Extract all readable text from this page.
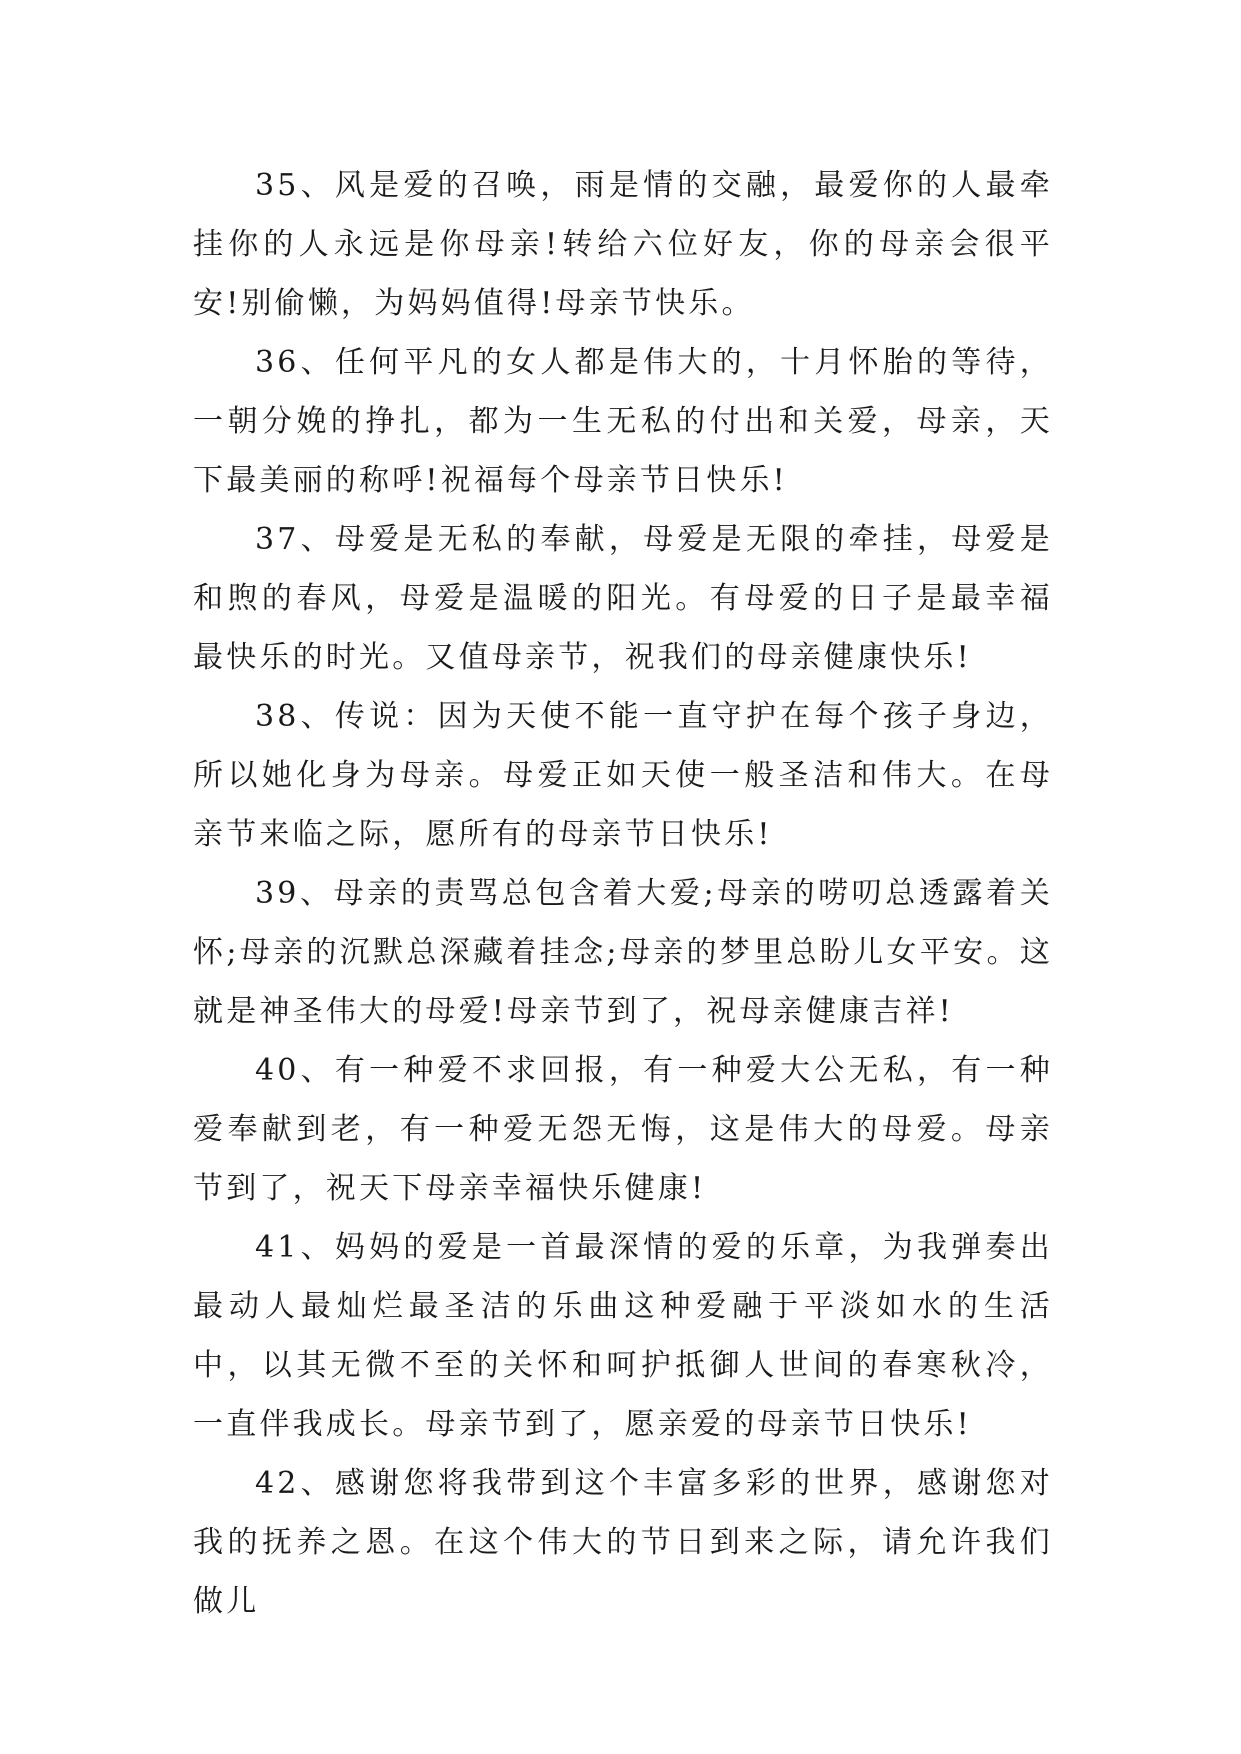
35、风是爱的召唤，雨是情的交融，最爱你的人最牵挂你的人永远是你母亲!转给六位好友，你的母亲会很平安!别偷懒，为妈妈值得!母亲节快乐。

36、任何平凡的女人都是伟大的，十月怀胎的等待，一朝分娩的挣扎，都为一生无私的付出和关爱，母亲，天下最美丽的称呼!祝福每个母亲节日快乐!

37、母爱是无私的奉献，母爱是无限的牵挂，母爱是和煦的春风，母爱是温暖的阳光。有母爱的日子是最幸福最快乐的时光。又值母亲节，祝我们的母亲健康快乐!

38、传说：因为天使不能一直守护在每个孩子身边，所以她化身为母亲。母爱正如天使一般圣洁和伟大。在母亲节来临之际，愿所有的母亲节日快乐!

39、母亲的责骂总包含着大爱;母亲的唠叨总透露着关怀;母亲的沉默总深藏着挂念;母亲的梦里总盼儿女平安。这就是神圣伟大的母爱!母亲节到了，祝母亲健康吉祥!

40、有一种爱不求回报，有一种爱大公无私，有一种爱奉献到老，有一种爱无怨无悔，这是伟大的母爱。母亲节到了，祝天下母亲幸福快乐健康!

41、妈妈的爱是一首最深情的爱的乐章，为我弹奏出最动人最灿烂最圣洁的乐曲这种爱融于平淡如水的生活中，以其无微不至的关怀和呵护抵御人世间的春寒秋冷，一直伴我成长。母亲节到了，愿亲爱的母亲节日快乐!

42、感谢您将我带到这个丰富多彩的世界，感谢您对我的抚养之恩。在这个伟大的节日到来之际，请允许我们做儿
